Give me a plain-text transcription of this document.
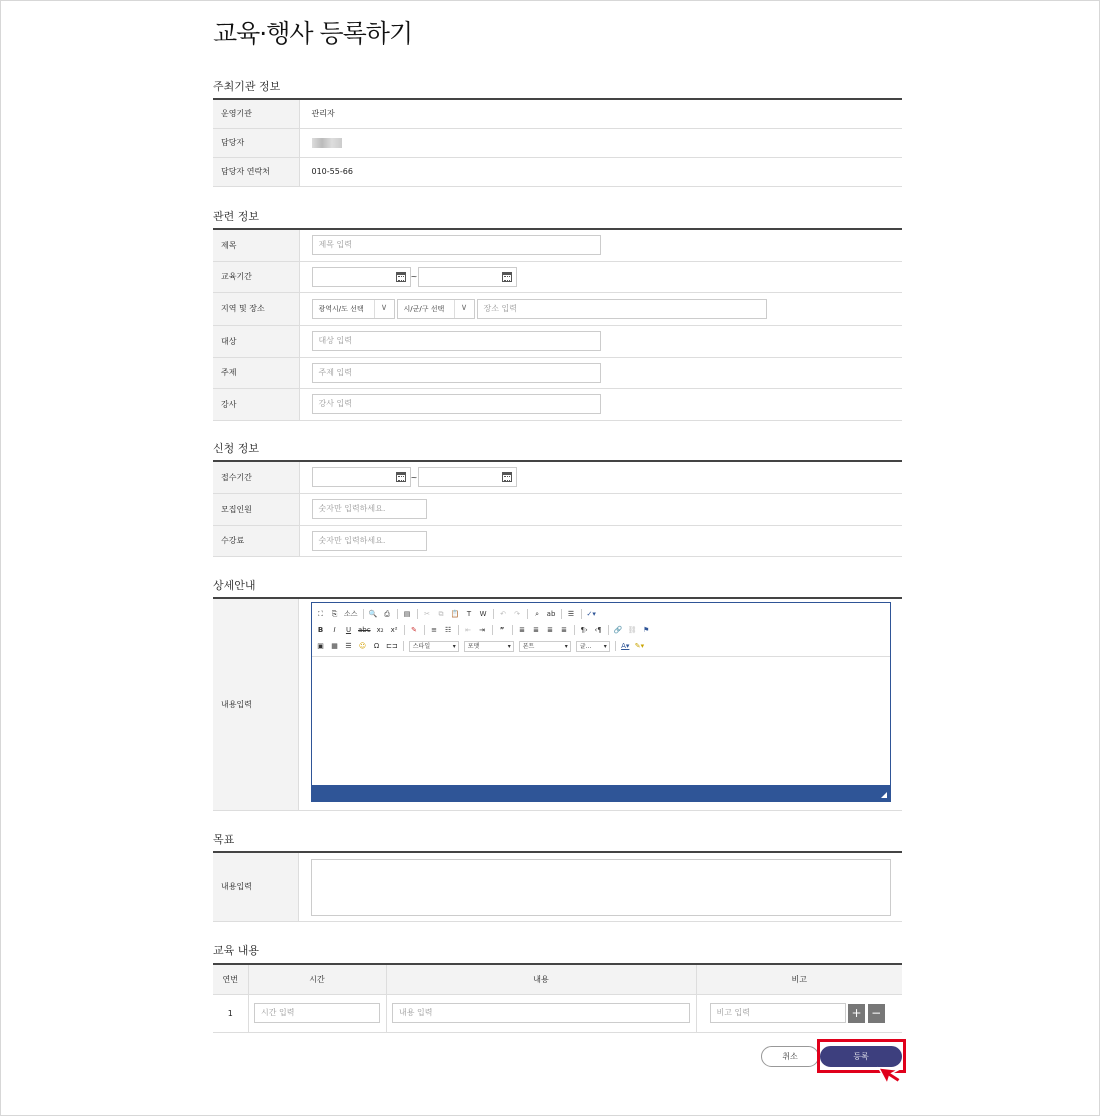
교육·행사 등록하기
주최기관 정보
운영기관	관리자
담당자	
담당자 연락처	010-55-66
관련 정보
제목	제목 입력
교육기간	~

지역 및 장소	광역시/도 선택 ∨ 시/군/구 선택 ∨ 장소 입력
대상	대상 입력
주제	주제 입력
강사	강사 입력
신청 정보
접수기간	~

모집인원	숫자만 입력하세요.
수강료	숫자만 입력하세요.
상세안내
내용입력
⛶ ⎘ 소스 🔍 ⎙ ▤ ✂ ⧉ 📋	T	W ↶ ↷	⌕	ab ☰ ✓▾
B	I	U abc x₂ x² ✎ ≡ ☷ ⇤ ⇥	”	≣ ≣ ≣ ≣ ¶› ‹¶ 🔗 ⛓ ⚑
▣ ▦ ☰ ☺ Ω ⊏⊐	스타일	▾	포맷	▾	폰트	▾	글... ▾ A▾ ✎▾
목표
내용입력
교육 내용
연번	시간	내용	비고
1	시간 입력	내용 입력	비고 입력 + −
취소	등록
